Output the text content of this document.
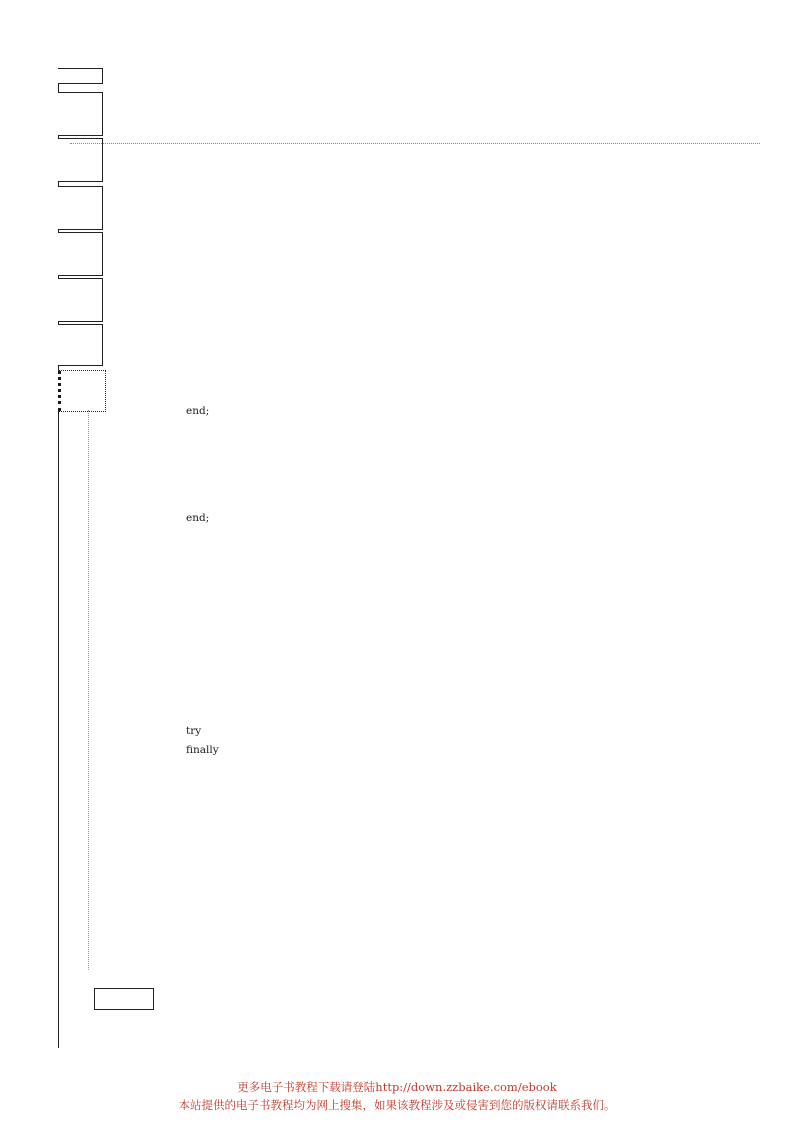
end;
end;
try
finally
更多电子书教程下载请登陆http://down.zzbaike.com/ebook
本站提供的电子书教程均为网上搜集，如果该教程涉及或侵害到您的版权请联系我们。
